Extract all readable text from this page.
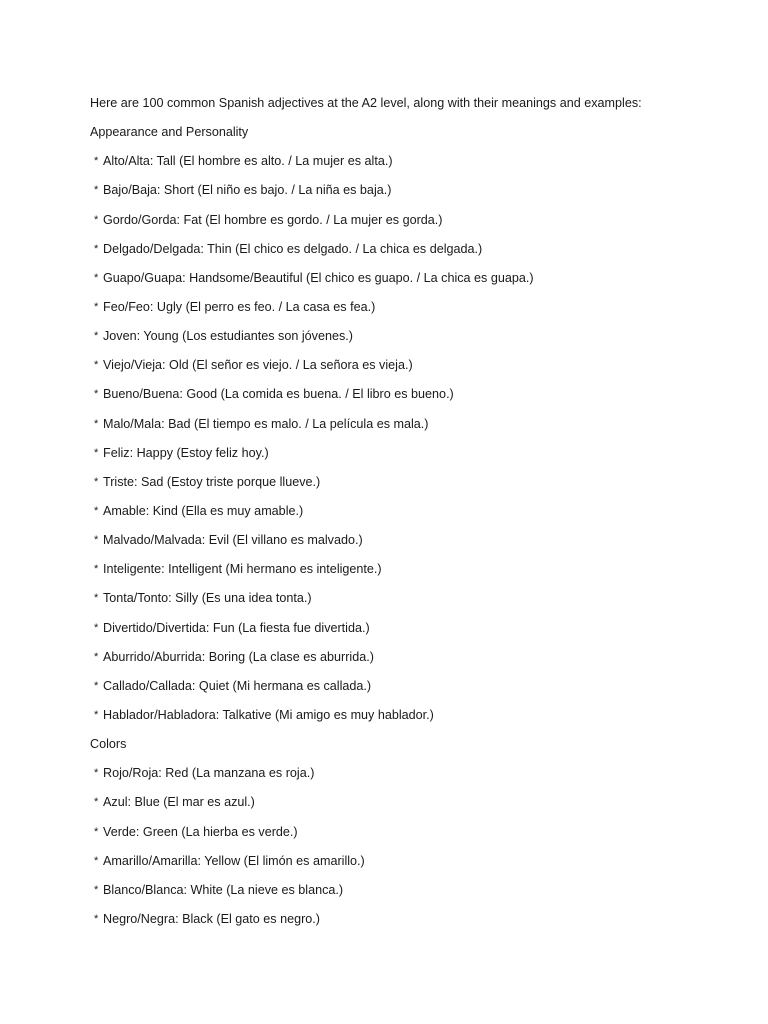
Here are 100 common Spanish adjectives at the A2 level, along with their meanings and examples:
Appearance and Personality
* Alto/Alta: Tall (El hombre es alto. / La mujer es alta.)
* Bajo/Baja: Short (El niño es bajo. / La niña es baja.)
* Gordo/Gorda: Fat (El hombre es gordo. / La mujer es gorda.)
* Delgado/Delgada: Thin (El chico es delgado. / La chica es delgada.)
* Guapo/Guapa: Handsome/Beautiful (El chico es guapo. / La chica es guapa.)
* Feo/Feo: Ugly (El perro es feo. / La casa es fea.)
* Joven: Young (Los estudiantes son jóvenes.)
* Viejo/Vieja: Old (El señor es viejo. / La señora es vieja.)
* Bueno/Buena: Good (La comida es buena. / El libro es bueno.)
* Malo/Mala: Bad (El tiempo es malo. / La película es mala.)
* Feliz: Happy (Estoy feliz hoy.)
* Triste: Sad (Estoy triste porque llueve.)
* Amable: Kind (Ella es muy amable.)
* Malvado/Malvada: Evil (El villano es malvado.)
* Inteligente: Intelligent (Mi hermano es inteligente.)
* Tonta/Tonto: Silly (Es una idea tonta.)
* Divertido/Divertida: Fun (La fiesta fue divertida.)
* Aburrido/Aburrida: Boring (La clase es aburrida.)
* Callado/Callada: Quiet (Mi hermana es callada.)
* Hablador/Habladora: Talkative (Mi amigo es muy hablador.)
Colors
* Rojo/Roja: Red (La manzana es roja.)
* Azul: Blue (El mar es azul.)
* Verde: Green (La hierba es verde.)
* Amarillo/Amarilla: Yellow (El limón es amarillo.)
* Blanco/Blanca: White (La nieve es blanca.)
* Negro/Negra: Black (El gato es negro.)
